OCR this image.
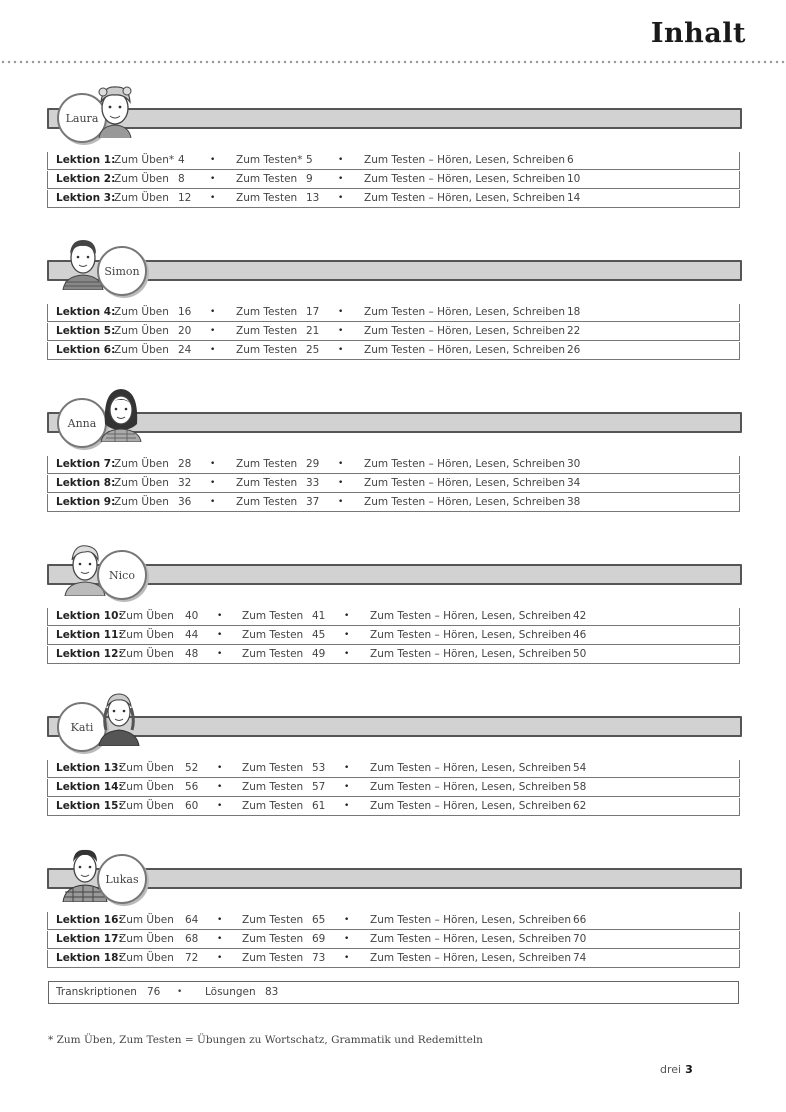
Inhalt
Laura
Lektion 1:
Zum Üben* 4	• Zum Testen* 5	• Zum Testen – Hören, Lesen, Schreiben 6
Lektion 2:
Zum Üben 8	• Zum Testen 9	• Zum Testen – Hören, Lesen, Schreiben 10
Lektion 3:
Zum Üben 12 • Zum Testen 13 • Zum Testen – Hören, Lesen, Schreiben 14
Simon
Lektion 4:
Zum Üben 16 • Zum Testen 17 • Zum Testen – Hören, Lesen, Schreiben 18
Lektion 5:
Zum Üben 20 • Zum Testen 21 • Zum Testen – Hören, Lesen, Schreiben 22
Lektion 6:
Zum Üben 24 • Zum Testen 25 • Zum Testen – Hören, Lesen, Schreiben 26
Anna
Lektion 7:
Zum Üben 28 • Zum Testen 29 • Zum Testen – Hören, Lesen, Schreiben 30
Lektion 8:
Zum Üben 32 • Zum Testen 33 • Zum Testen – Hören, Lesen, Schreiben 34
Lektion 9:
Zum Üben 36 • Zum Testen 37 • Zum Testen – Hören, Lesen, Schreiben 38
Nico
Lektion 10:
Zum Üben 40 • Zum Testen 41 • Zum Testen – Hören, Lesen, Schreiben 42
Lektion 11:
Zum Üben 44 • Zum Testen 45 • Zum Testen – Hören, Lesen, Schreiben 46
Lektion 12:
Zum Üben 48 • Zum Testen 49 • Zum Testen – Hören, Lesen, Schreiben 50
Kati
Lektion 13:
Zum Üben 52 • Zum Testen 53 • Zum Testen – Hören, Lesen, Schreiben 54
Lektion 14:
Zum Üben 56 • Zum Testen 57 • Zum Testen – Hören, Lesen, Schreiben 58
Lektion 15:
Zum Üben 60 • Zum Testen 61 • Zum Testen – Hören, Lesen, Schreiben 62
Lukas
Lektion 16:
Zum Üben 64 • Zum Testen 65 • Zum Testen – Hören, Lesen, Schreiben 66
Lektion 17:
Zum Üben 68 • Zum Testen 69 • Zum Testen – Hören, Lesen, Schreiben 70
Lektion 18:
Zum Üben 72 • Zum Testen 73 • Zum Testen – Hören, Lesen, Schreiben 74
Transkriptionen 76 • Lösungen 83
* Zum Üben, Zum Testen = Übungen zu Wortschatz, Grammatik und Redemitteln
drei 3
